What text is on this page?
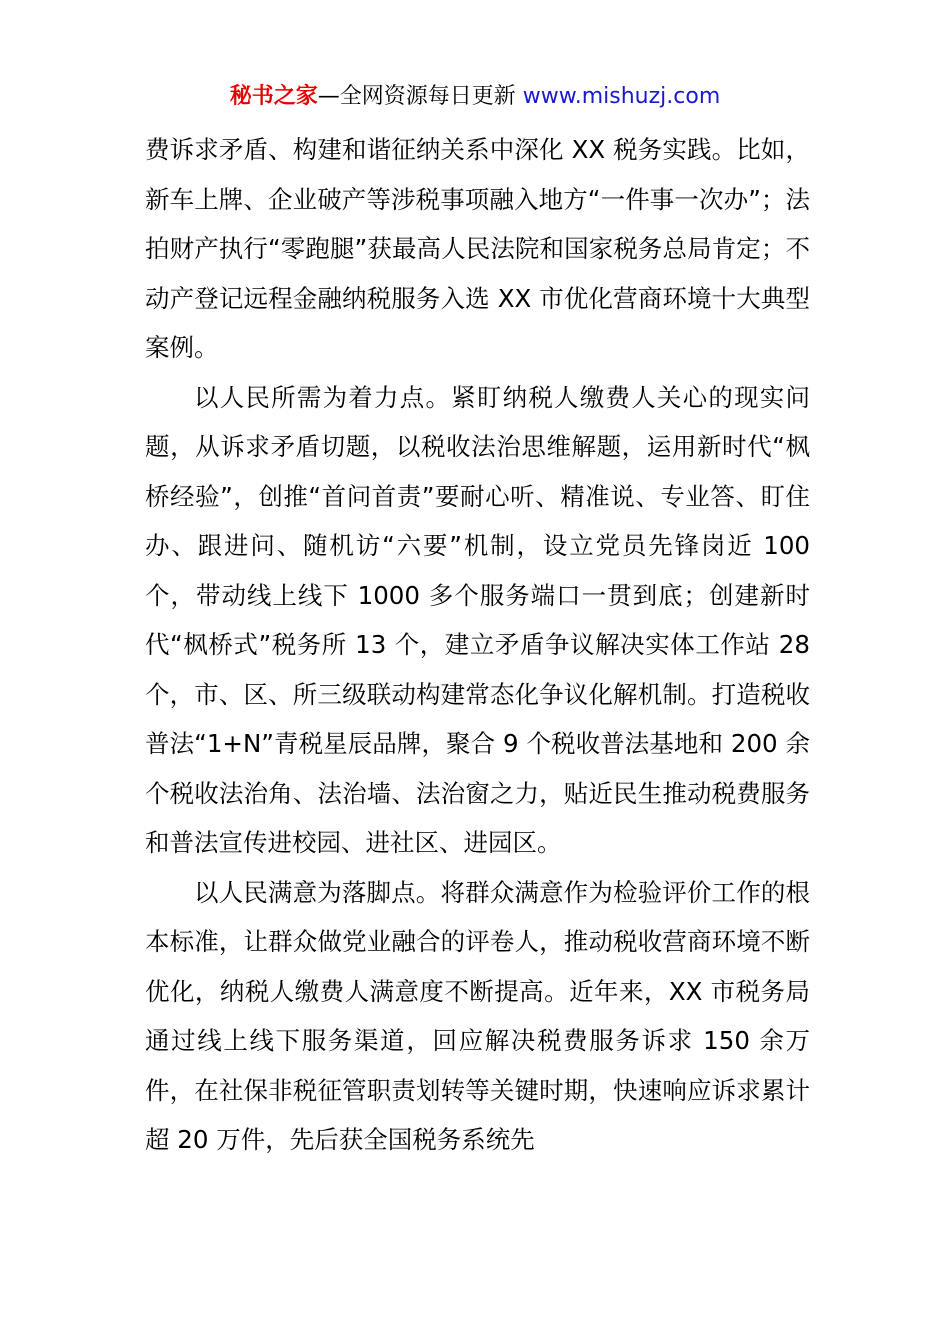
秘书之家—全网资源每日更新 www.mishuzj.com

费诉求矛盾、构建和谐征纳关系中深化 XX 税务实践。比如，新车上牌、企业破产等涉税事项融入地方“一件事一次办”；法拍财产执行“零跑腿”获最高人民法院和国家税务总局肯定；不动产登记远程金融纳税服务入选 XX 市优化营商环境十大典型案例。

以人民所需为着力点。紧盯纳税人缴费人关心的现实问题，从诉求矛盾切题，以税收法治思维解题，运用新时代“枫桥经验”，创推“首问首责”要耐心听、精准说、专业答、盯住办、跟进问、随机访“六要”机制，设立党员先锋岗近 100 个，带动线上线下 1000 多个服务端口一贯到底；创建新时代“枫桥式”税务所 13 个，建立矛盾争议解决实体工作站 28 个，市、区、所三级联动构建常态化争议化解机制。打造税收普法“1+N”青税星辰品牌，聚合 9 个税收普法基地和 200 余个税收法治角、法治墙、法治窗之力，贴近民生推动税费服务和普法宣传进校园、进社区、进园区。

以人民满意为落脚点。将群众满意作为检验评价工作的根本标准，让群众做党业融合的评卷人，推动税收营商环境不断优化，纳税人缴费人满意度不断提高。近年来，XX 市税务局通过线上线下服务渠道，回应解决税费服务诉求 150 余万件，在社保非税征管职责划转等关键时期，快速响应诉求累计超 20 万件，先后获全国税务系统先
